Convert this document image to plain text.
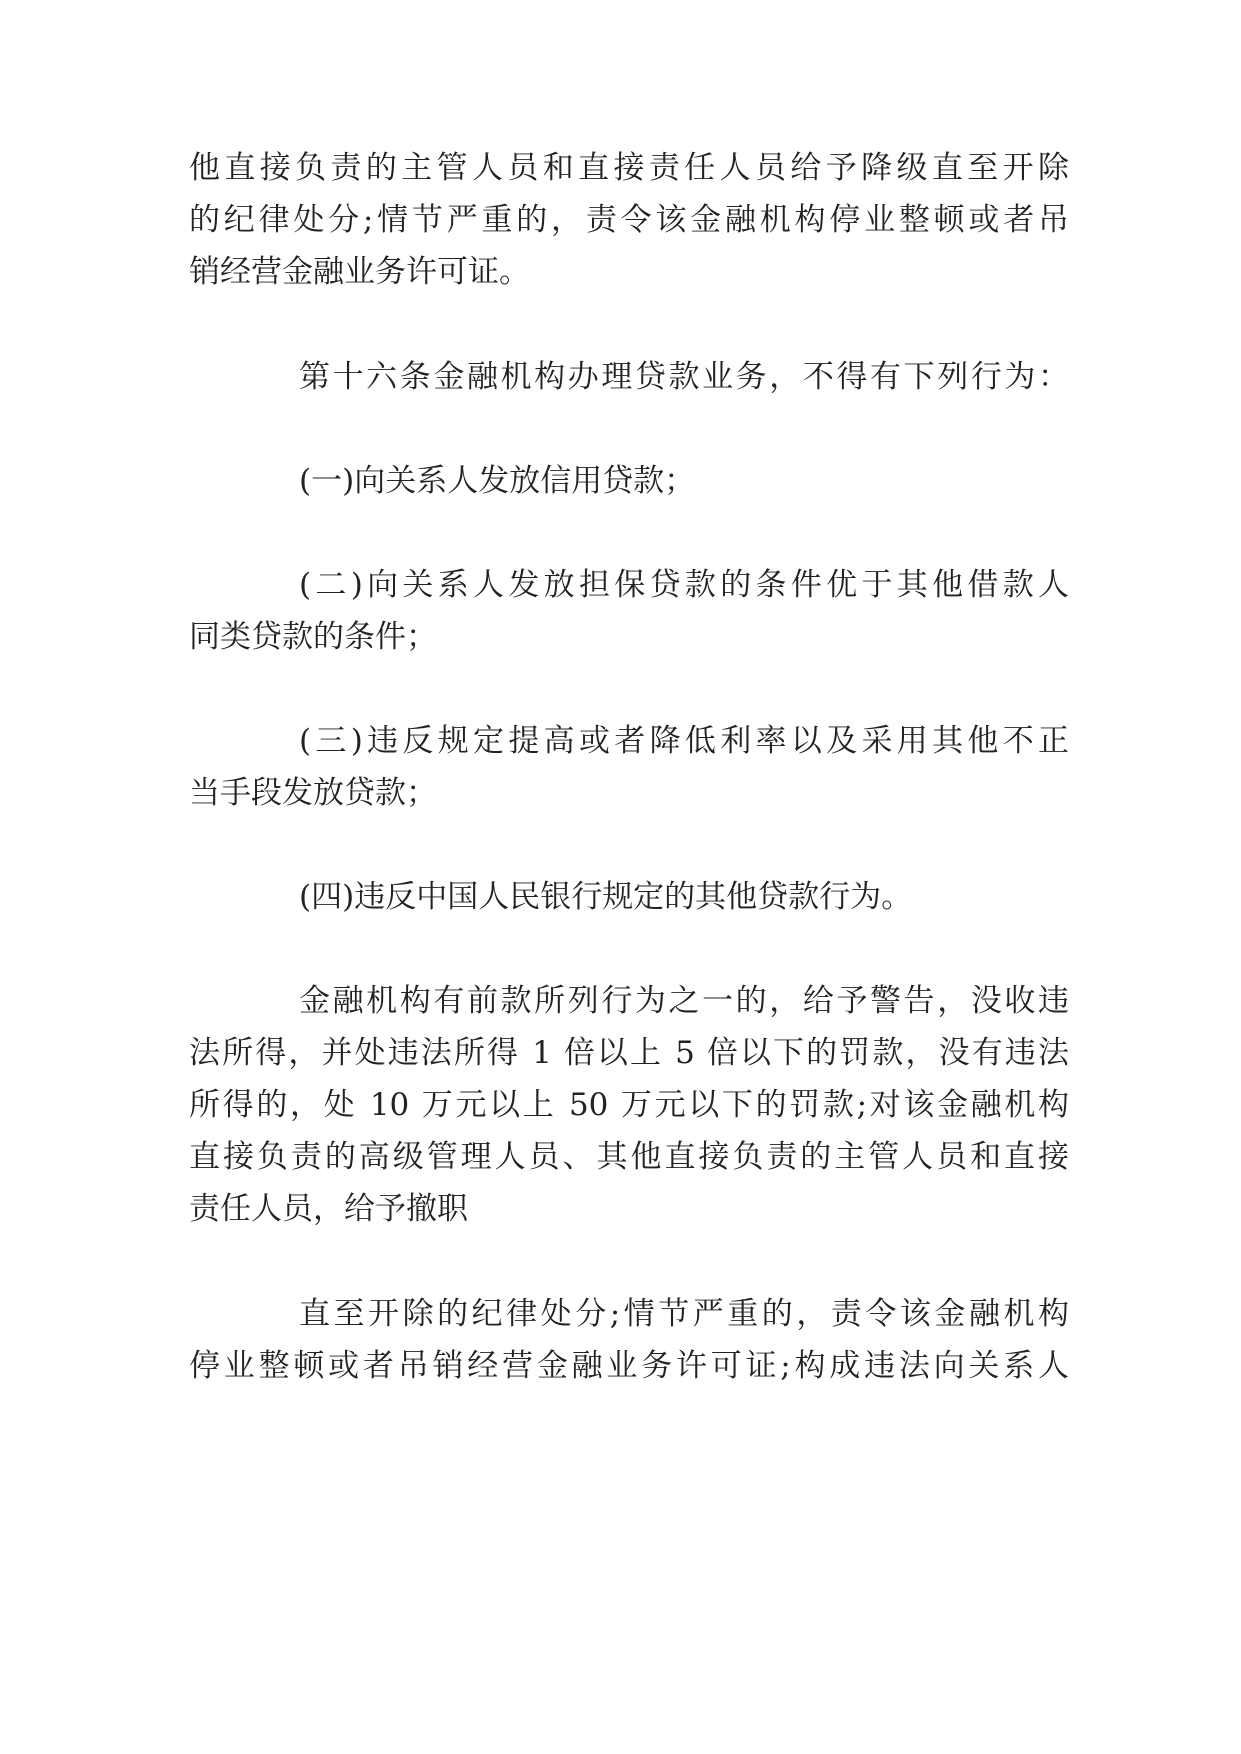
他直接负责的主管人员和直接责任人员给予降级直至开除
的纪律处分;情节严重的，责令该金融机构停业整顿或者吊
销经营金融业务许可证。
第十六条金融机构办理贷款业务，不得有下列行为：
(一)向关系人发放信用贷款；
(二)向关系人发放担保贷款的条件优于其他借款人
同类贷款的条件；
(三)违反规定提高或者降低利率以及采用其他不正
当手段发放贷款；
(四)违反中国人民银行规定的其他贷款行为。
金融机构有前款所列行为之一的，给予警告，没收违
法所得，并处违法所得 1 倍以上 5 倍以下的罚款，没有违法
所得的，处 10 万元以上 50 万元以下的罚款;对该金融机构
直接负责的高级管理人员、其他直接负责的主管人员和直接
责任人员，给予撤职
直至开除的纪律处分;情节严重的，责令该金融机构
停业整顿或者吊销经营金融业务许可证;构成违法向关系人
